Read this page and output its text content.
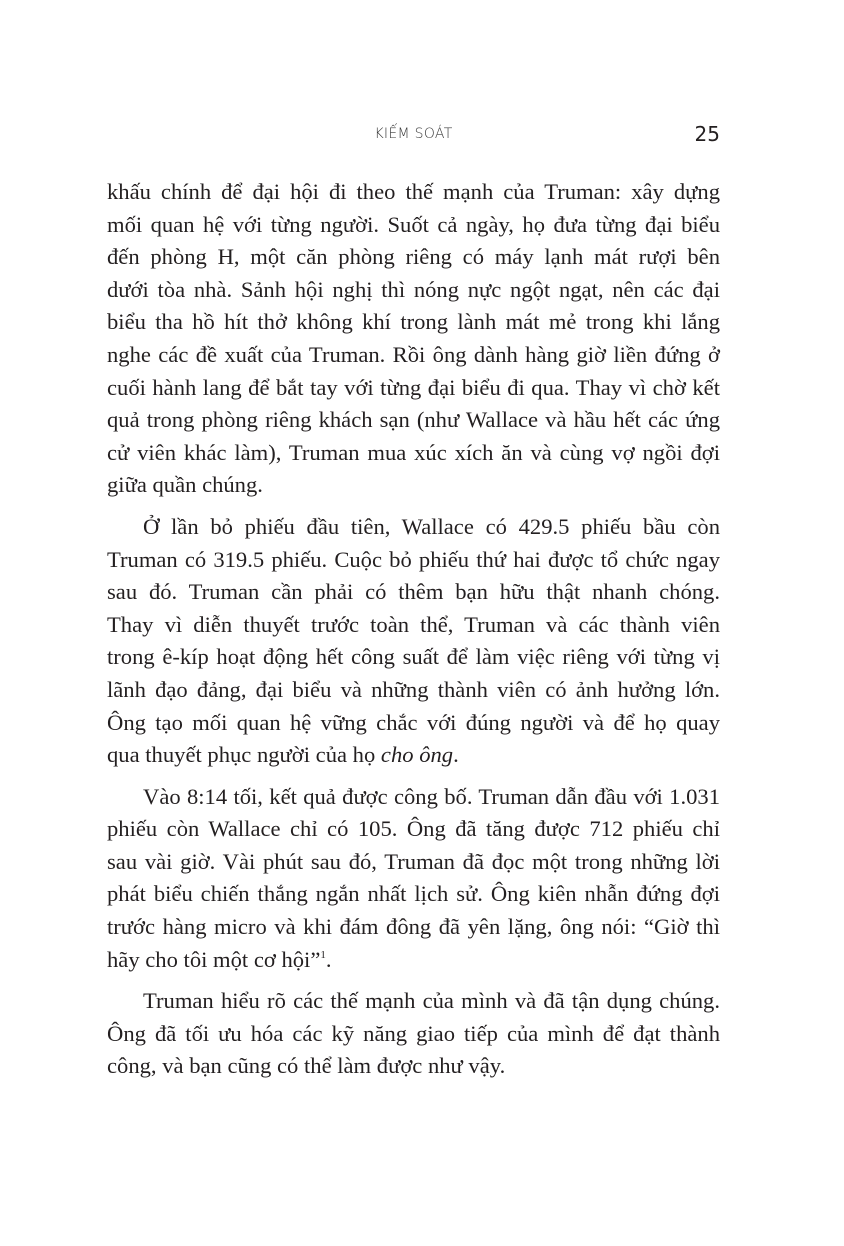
KIẾM SOÁT	25

khấu chính để đại hội đi theo thế mạnh của Truman: xây dựng
mối quan hệ với từng người. Suốt cả ngày, họ đưa từng đại biểu
đến phòng H, một căn phòng riêng có máy lạnh mát rượi bên
dưới tòa nhà. Sảnh hội nghị thì nóng nực ngột ngạt, nên các đại
biểu tha hồ hít thở không khí trong lành mát mẻ trong khi lắng
nghe các đề xuất của Truman. Rồi ông dành hàng giờ liền đứng ở
cuối hành lang để bắt tay với từng đại biểu đi qua. Thay vì chờ kết
quả trong phòng riêng khách sạn (như Wallace và hầu hết các ứng
cử viên khác làm), Truman mua xúc xích ăn và cùng vợ ngồi đợi
giữa quần chúng.

Ở lần bỏ phiếu đầu tiên, Wallace có 429.5 phiếu bầu còn
Truman có 319.5 phiếu. Cuộc bỏ phiếu thứ hai được tổ chức ngay
sau đó. Truman cần phải có thêm bạn hữu thật nhanh chóng.
Thay vì diễn thuyết trước toàn thể, Truman và các thành viên
trong ê-kíp hoạt động hết công suất để làm việc riêng với từng vị
lãnh đạo đảng, đại biểu và những thành viên có ảnh hưởng lớn.
Ông tạo mối quan hệ vững chắc với đúng người và để họ quay
qua thuyết phục người của họ cho ông.

Vào 8:14 tối, kết quả được công bố. Truman dẫn đầu với 1.031
phiếu còn Wallace chỉ có 105. Ông đã tăng được 712 phiếu chỉ
sau vài giờ. Vài phút sau đó, Truman đã đọc một trong những lời
phát biểu chiến thắng ngắn nhất lịch sử. Ông kiên nhẫn đứng đợi
trước hàng micro và khi đám đông đã yên lặng, ông nói: “Giờ thì
hãy cho tôi một cơ hội”$^1$.

Truman hiểu rõ các thế mạnh của mình và đã tận dụng chúng.
Ông đã tối ưu hóa các kỹ năng giao tiếp của mình để đạt thành
công, và bạn cũng có thể làm được như vậy.
